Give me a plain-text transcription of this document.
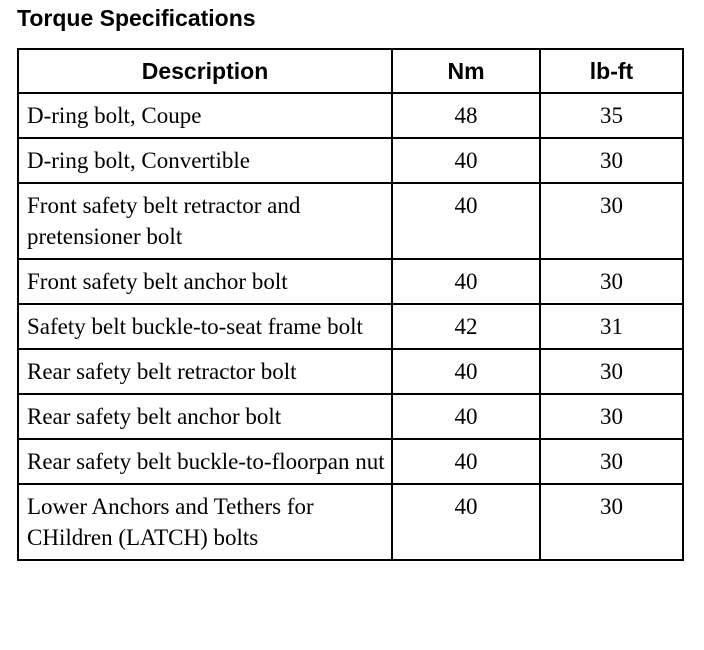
Torque Specifications
Description	Nm	lb-ft
D-ring bolt, Coupe	48	35
D-ring bolt, Convertible	40	30
Front safety belt retractor and pretensioner bolt	40	30
Front safety belt anchor bolt	40	30
Safety belt buckle-to-seat frame bolt	42	31
Rear safety belt retractor bolt	40	30
Rear safety belt anchor bolt	40	30
Rear safety belt buckle-to-floorpan nut	40	30
Lower Anchors and Tethers for CHildren (LATCH) bolts	40	30
